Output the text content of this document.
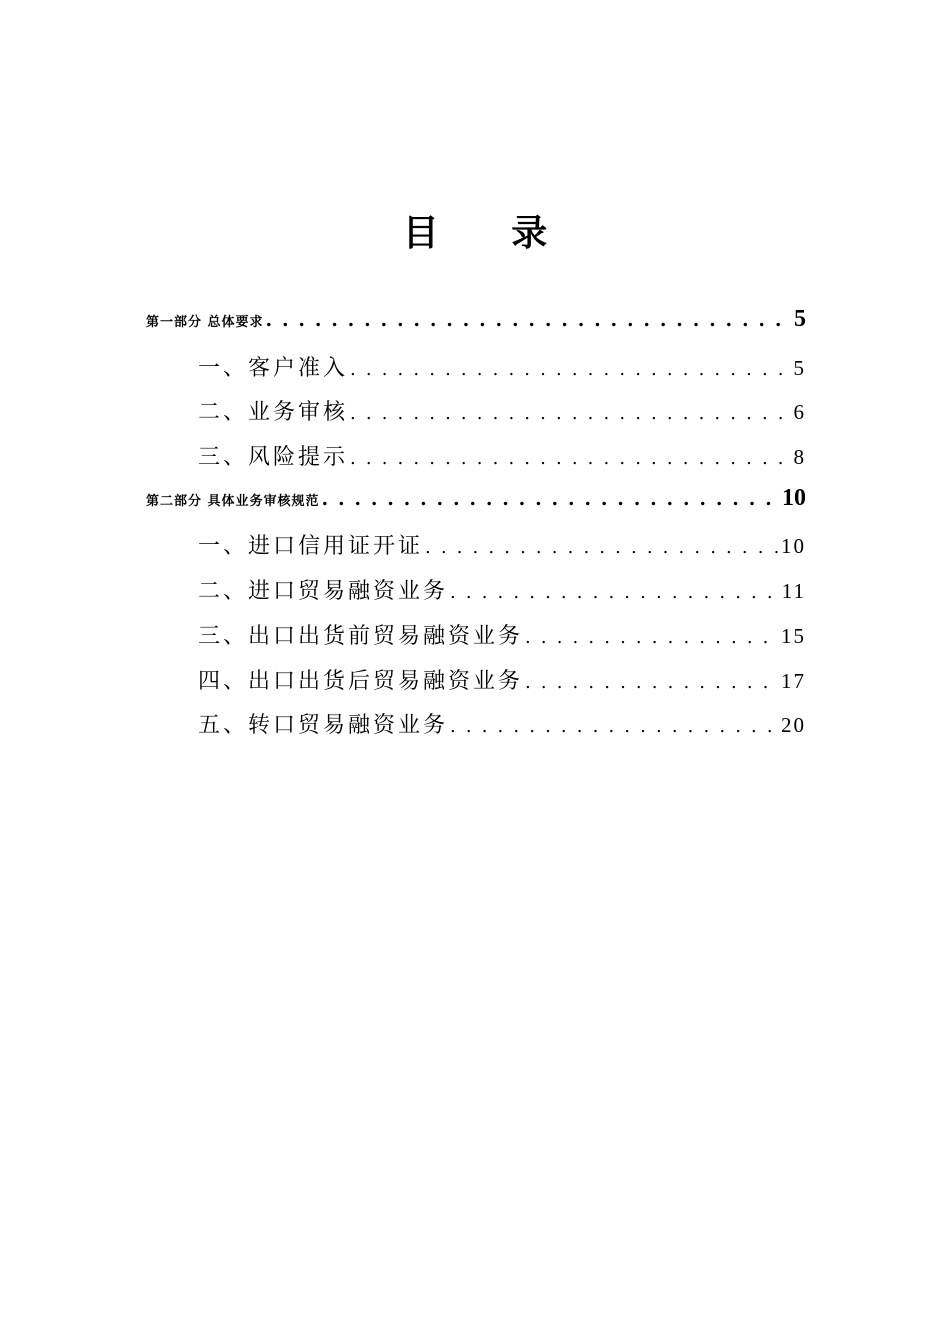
目 录
第一部分 总体要求 . . .	5
一、客户准入 . . .	5
二、业务审核 . . .	6
三、风险提示 . . .	8
第二部分 具体业务审核规范 . . .	10
一、进口信用证开证 . . .	10
二、进口贸易融资业务 . . .	11
三、出口出货前贸易融资业务 . . .	15
四、出口出货后贸易融资业务 . . .	17
五、转口贸易融资业务 . . .	20
